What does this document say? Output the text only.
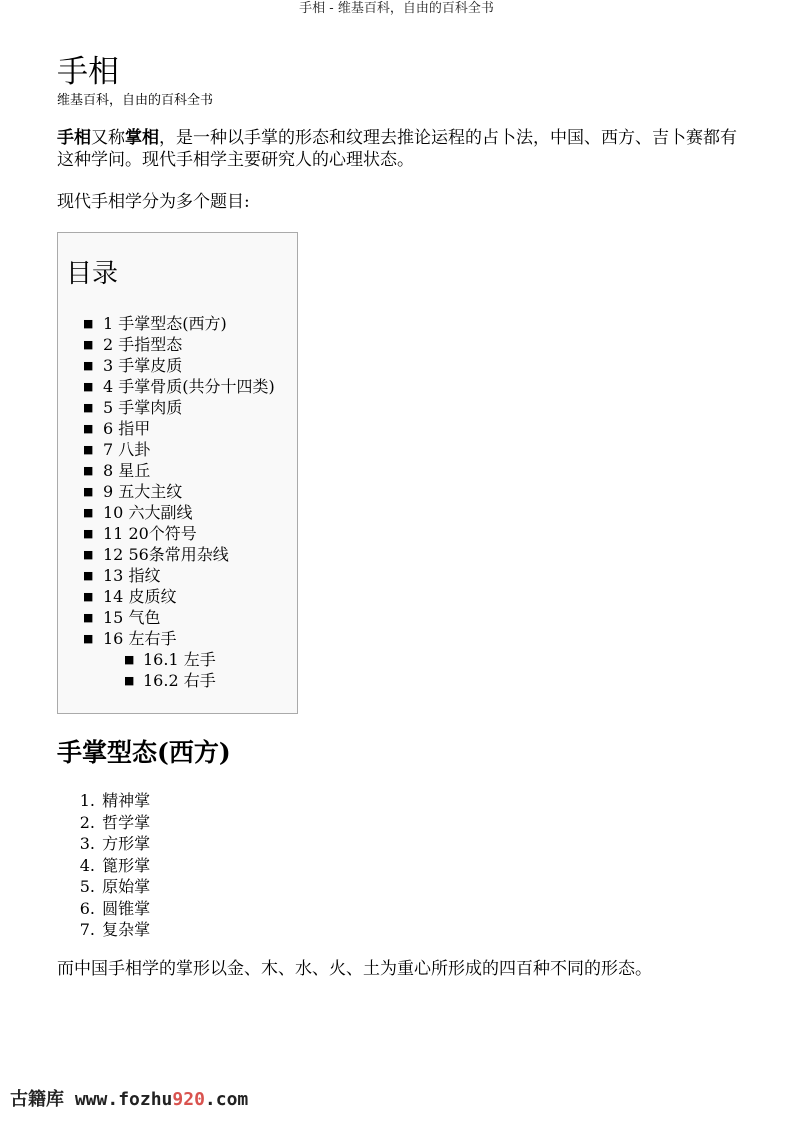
手相 - 维基百科，自由的百科全书
手相
维基百科，自由的百科全书

手相又称掌相，是一种以手掌的形态和纹理去推论运程的占卜法，中国、西方、吉卜赛都有这种学问。现代手相学主要研究人的心理状态。

现代手相学分为多个题目:

目录
■ 1 手掌型态(西方)
■ 2 手指型态
■ 3 手掌皮质
■ 4 手掌骨质(共分十四类)
■ 5 手掌肉质
■ 6 指甲
■ 7 八卦
■ 8 星丘
■ 9 五大主纹
■ 10 六大副线
■ 11 20个符号
■ 12 56条常用杂线
■ 13 指纹
■ 14 皮质纹
■ 15 气色
■ 16 左右手
■ 16.1 左手
■ 16.2 右手
手掌型态(西方)
1. 精神掌
2. 哲学掌
3. 方形掌
4. 篦形掌
5. 原始掌
6. 圆锥掌
7. 复杂掌

而中国手相学的掌形以金、木、水、火、土为重心所形成的四百种不同的形态。

古籍库 www.fozhu920.com
